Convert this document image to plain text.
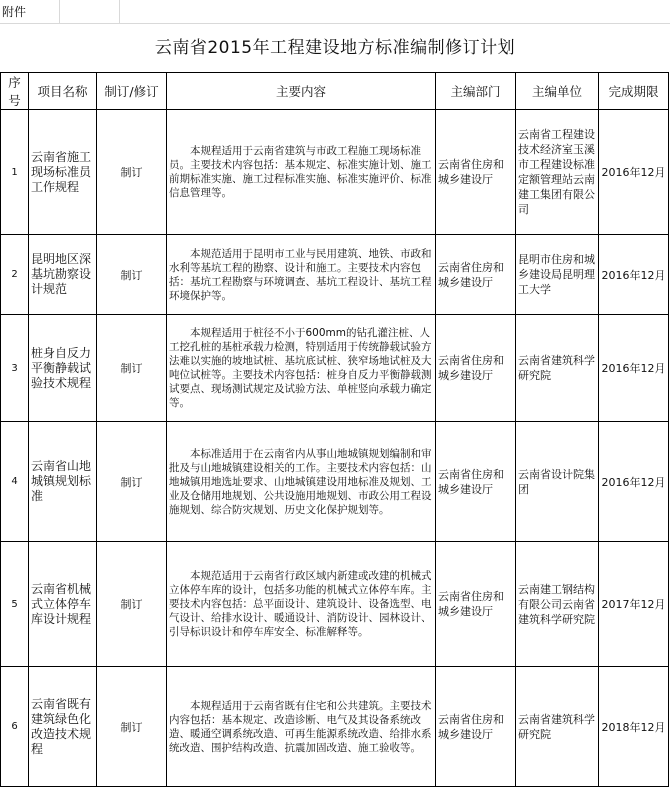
附件
云南省2015年工程建设地方标准编制修订计划
序号	项目名称	制订/修订	主要内容	主编部门	主编单位	完成期限
1	云南省施工现场标准员工作规程	制订	本规程适用于云南省建筑与市政工程施工现场标准员。主要技术内容包括：基本规定、标准实施计划、施工前期标准实施、施工过程标准实施、标准实施评价、标准信息管理等。	云南省住房和城乡建设厅	云南省工程建设技术经济室玉溪市工程建设标准定额管理站云南建工集团有限公司	2016年12月
2	昆明地区深基坑勘察设计规范	制订	本规范适用于昆明市工业与民用建筑、地铁、市政和水利等基坑工程的勘察、设计和施工。主要技术内容包括：基坑工程勘察与环境调查、基坑工程设计、基坑工程环境保护等。	云南省住房和城乡建设厅	昆明市住房和城乡建设局昆明理工大学	2016年12月
3	桩身自反力平衡静载试验技术规程	制订	本规程适用于桩径不小于600mm的钻孔灌注桩、人工挖孔桩的基桩承载力检测，特别适用于传统静载试验方法难以实施的坡地试桩、基坑底试桩、狭窄场地试桩及大吨位试桩等。主要技术内容包括：桩身自反力平衡静载测试要点、现场测试规定及试验方法、单桩竖向承载力确定等。	云南省住房和城乡建设厅	云南省建筑科学研究院	2016年12月
4	云南省山地城镇规划标准	制订	本标准适用于在云南省内从事山地城镇规划编制和审批及与山地城镇建设相关的工作。主要技术内容包括：山地城镇用地选址要求、山地城镇建设用地标准及规划、工业及仓储用地规划、公共设施用地规划、市政公用工程设施规划、综合防灾规划、历史文化保护规划等。	云南省住房和城乡建设厅	云南省设计院集团	2016年12月
5	云南省机械式立体停车库设计规程	制订	本规范适用于云南省行政区域内新建或改建的机械式立体停车库的设计，包括多功能的机械式立体停车库。主要技术内容包括：总平面设计、建筑设计、设备选型、电气设计、给排水设计、暖通设计、消防设计、园林设计、引导标识设计和停车库安全、标准解释等。	云南省住房和城乡建设厅	云南建工钢结构有限公司云南省建筑科学研究院	2017年12月
6	云南省既有建筑绿色化改造技术规程	制订	本规程适用于云南省既有住宅和公共建筑。主要技术内容包括：基本规定、改造诊断、电气及其设备系统改造、暖通空调系统改造、可再生能源系统改造、给排水系统改造、围护结构改造、抗震加固改造、施工验收等。	云南省住房和城乡建设厅	云南省建筑科学研究院	2018年12月
